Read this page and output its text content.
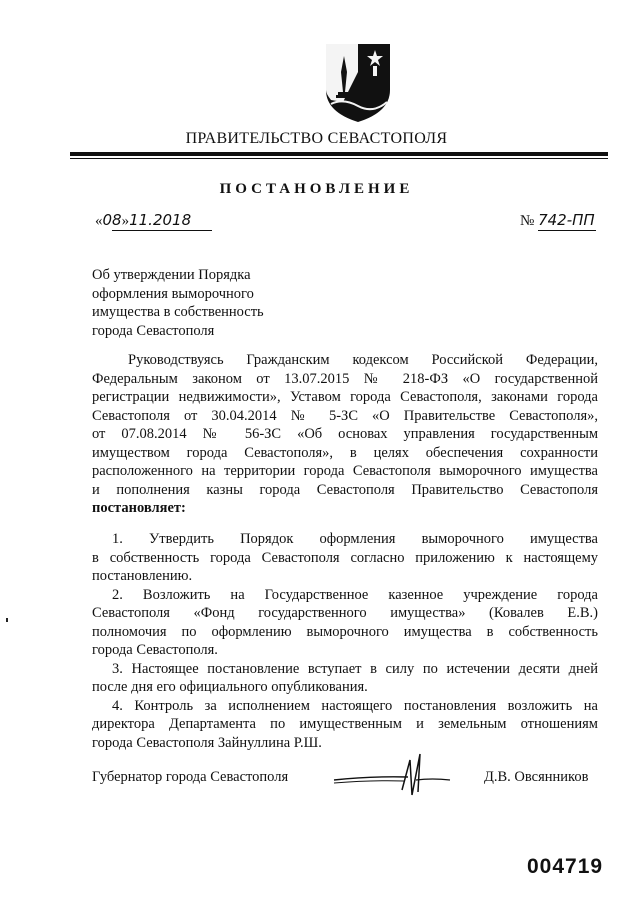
ПРАВИТЕЛЬСТВО СЕВАСТОПОЛЯ
ПОСТАНОВЛЕНИЕ
«08»11.2018	№ 742-ПП
Об утверждении Порядка
оформления выморочного
имущества в собственность
города Севастополя
Руководствуясь Гражданским кодексом Российской Федерации,
Федеральным законом от 13.07.2015 № 218-ФЗ «О государственной
регистрации недвижимости», Уставом города Севастополя, законами города
Севастополя от 30.04.2014 № 5-ЗС «О Правительстве Севастополя»,
от 07.08.2014 № 56-ЗС «Об основах управления государственным
имуществом города Севастополя», в целях обеспечения сохранности
расположенного на территории города Севастополя выморочного имущества
и пополнения казны города Севастополя Правительство Севастополя
постановляет:
1. Утвердить Порядок оформления выморочного имущества
в собственность города Севастополя согласно приложению к настоящему
постановлению.
2. Возложить на Государственное казенное учреждение города
Севастополя «Фонд государственного имущества» (Ковалев Е.В.)
полномочия по оформлению выморочного имущества в собственность
города Севастополя.
3. Настоящее постановление вступает в силу по истечении десяти дней
после дня его официального опубликования.
4. Контроль за исполнением настоящего постановления возложить на
директора Департамента по имущественным и земельным отношениям
города Севастополя Зайнуллина Р.Ш.
Губернатор города Севастополя	Д.В. Овсянников
004719
